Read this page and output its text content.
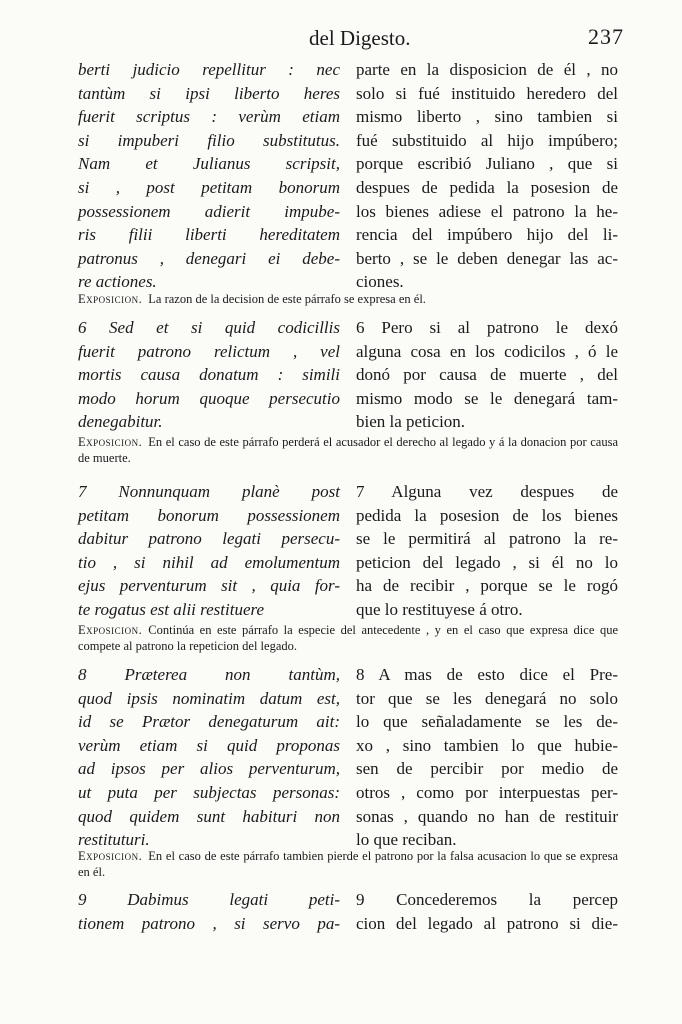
del Digesto.	237
berti judicio repellitur : nec
tantùm si ipsi liberto heres
fuerit scriptus : verùm etiam
si impuberi filio substitutus.
Nam et Julianus scripsit,
si , post petitam bonorum
possessionem adierit impube-
ris filii liberti hereditatem
patronus , denegari ei debe-
re actiones.
parte en la disposicion de él , no
solo si fué instituido heredero del
mismo liberto , sino tambien si
fué substituido al hijo impúbero;
porque escribió Juliano , que si
despues de pedida la posesion de
los bienes adiese el patrono la he-
rencia del impúbero hijo del li-
berto , se le deben denegar las ac-
ciones.
Exposicion. La razon de la decision de este párrafo se expresa en él.
6 Sed et si quid codicillis
fuerit patrono relictum , vel
mortis causa donatum : simili
modo horum quoque persecutio
denegabitur.
6 Pero si al patrono le dexó
alguna cosa en los codicilos , ó le
donó por causa de muerte , del
mismo modo se le denegará tam-
bien la peticion.
Exposicion. En el caso de este párrafo perderá el acusador el derecho al legado y á la donacion por causa de muerte.
7 Nonnunquam planè post
petitam bonorum possessionem
dabitur patrono legati persecu-
tio , si nihil ad emolumentum
ejus perventurum sit , quia for-
te rogatus est alii restituere
7 Alguna vez despues de
pedida la posesion de los bienes
se le permitirá al patrono la re-
peticion del legado , si él no lo
ha de recibir , porque se le rogó
que lo restituyese á otro.
Exposicion. Continúa en este párrafo la especie del antecedente , y en el caso que expresa dice que compete al patrono la repeticion del legado.
8 Præterea non tantùm,
quod ipsis nominatim datum est,
id se Prætor denegaturum ait:
verùm etiam si quid proponas
ad ipsos per alios perventurum,
ut puta per subjectas personas:
quod quidem sunt habituri non
restituturi.
8 A mas de esto dice el Pre-
tor que se les denegará no solo
lo que señaladamente se les de-
xo , sino tambien lo que hubie-
sen de percibir por medio de
otros , como por interpuestas per-
sonas , quando no han de restituir
lo que reciban.
Exposicion. En el caso de este párrafo tambien pierde el patrono por la falsa acusacion lo que se expresa en él.
9 Dabimus legati peti-
tionem patrono , si servo pa-
9 Concederemos la percep
cion del legado al patrono si die-
